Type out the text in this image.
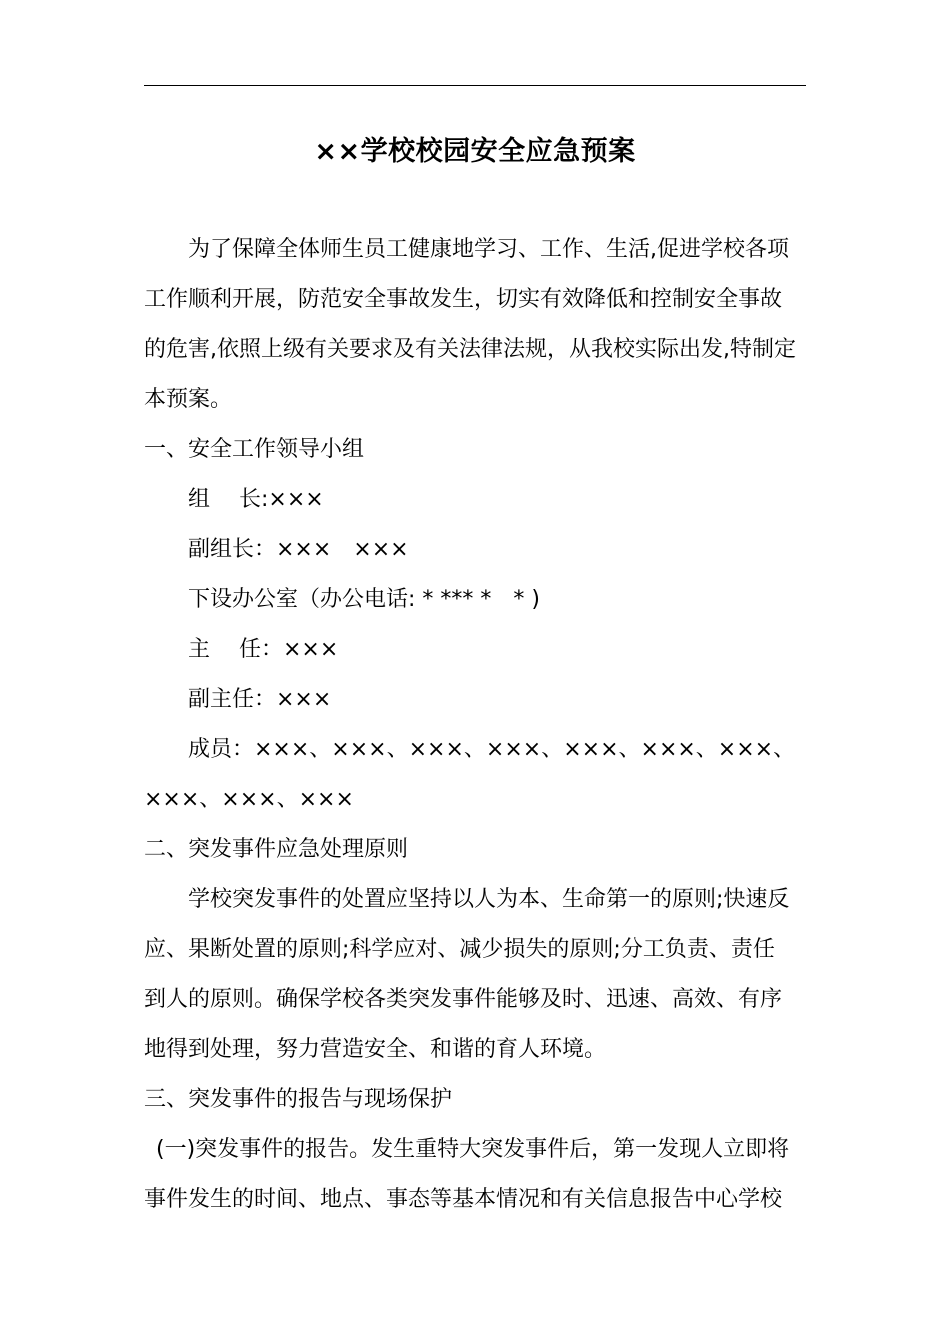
××学校校园安全应急预案
为了保障全体师生员工健康地学习、工作、生活,促进学校各项
工作顺利开展，防范安全事故发生，切实有效降低和控制安全事故
的危害,依照上级有关要求及有关法律法规，从我校实际出发,特制定
本预案。
一、安全工作领导小组
组　 长:×××
副组长：×××　×××
下设办公室（办公电话: * *** *　* )
主　 任：×××
副主任：×××
成员：×××、×××、×××、×××、×××、×××、×××、
×××、×××、×××
二、突发事件应急处理原则
学校突发事件的处置应坚持以人为本、生命第一的原则;快速反
应、果断处置的原则;科学应对、减少损失的原则;分工负责、责任
到人的原则。确保学校各类突发事件能够及时、迅速、高效、有序
地得到处理，努力营造安全、和谐的育人环境。
三、突发事件的报告与现场保护
(一)突发事件的报告。发生重特大突发事件后，第一发现人立即将
事件发生的时间、地点、事态等基本情况和有关信息报告中心学校
